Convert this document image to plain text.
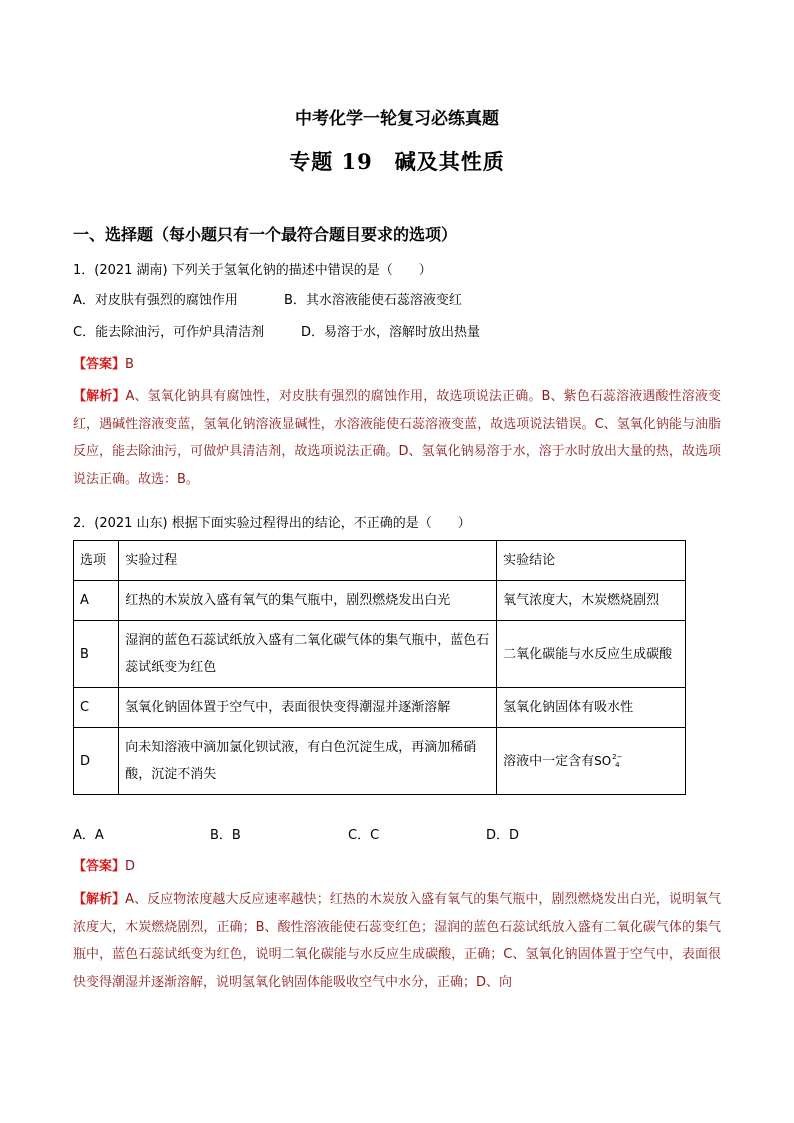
中考化学一轮复习必练真题
专题 19　碱及其性质
一、选择题（每小题只有一个最符合题目要求的选项）
1．(2021 湖南) 下列关于氢氧化钠的描述中错误的是（　　）
A．对皮肤有强烈的腐蚀作用	B．其水溶液能使石蕊溶液变红
C．能去除油污，可作炉具清洁剂	D．易溶于水，溶解时放出热量
【答案】B
【解析】A、氢氧化钠具有腐蚀性，对皮肤有强烈的腐蚀作用，故选项说法正确。B、紫色石蕊溶液遇酸性溶液变红，遇碱性溶液变蓝，氢氧化钠溶液显碱性，水溶液能使石蕊溶液变蓝，故选项说法错误。C、氢氧化钠能与油脂反应，能去除油污，可做炉具清洁剂，故选项说法正确。D、氢氧化钠易溶于水，溶于水时放出大量的热，故选项说法正确。故选：B。
2．(2021 山东) 根据下面实验过程得出的结论，不正确的是（　　）
选项	实验过程	实验结论
A	红热的木炭放入盛有氧气的集气瓶中，剧烈燃烧发出白光	氧气浓度大，木炭燃烧剧烈
B	湿润的蓝色石蕊试纸放入盛有二氧化碳气体的集气瓶中，蓝色石蕊试纸变为红色	二氧化碳能与水反应生成碳酸
C	氢氧化钠固体置于空气中，表面很快变得潮湿并逐渐溶解	氢氧化钠固体有吸水性
D	向未知溶液中滴加氯化钡试液，有白色沉淀生成，再滴加稀硝酸，沉淀不消失	溶液中一定含有SO2−
4
A．A	B．B	C．C	D．D
【答案】D
【解析】A、反应物浓度越大反应速率越快；红热的木炭放入盛有氧气的集气瓶中，剧烈燃烧发出白光，说明氧气浓度大，木炭燃烧剧烈，正确；B、酸性溶液能使石蕊变红色；湿润的蓝色石蕊试纸放入盛有二氧化碳气体的集气瓶中，蓝色石蕊试纸变为红色，说明二氧化碳能与水反应生成碳酸，正确；C、氢氧化钠固体置于空气中，表面很快变得潮湿并逐渐溶解，说明氢氧化钠固体能吸收空气中水分，正确；D、向
